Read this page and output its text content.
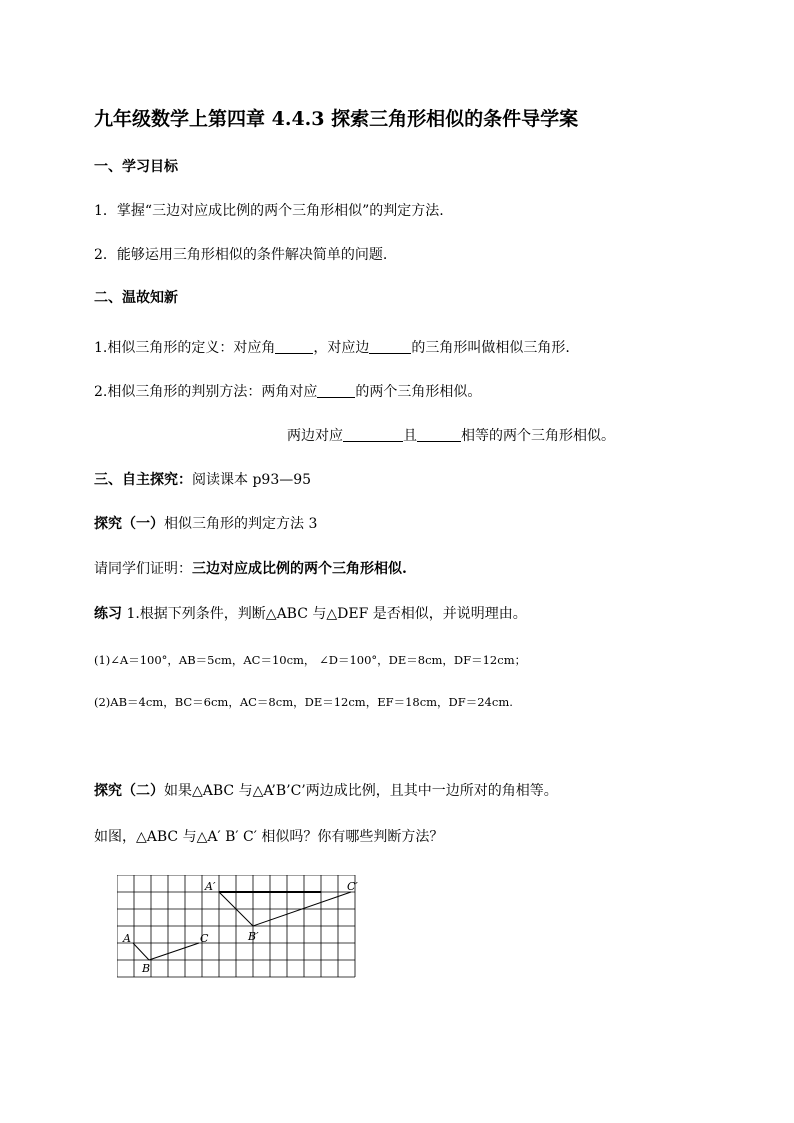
九年级数学上第四章 4.4.3 探索三角形相似的条件导学案
一、学习目标
1．掌握“三边对应成比例的两个三角形相似”的判定方法.
2．能够运用三角形相似的条件解决简单的问题.
二、温故知新
1.相似三角形的定义：对应角	，对应边	的三角形叫做相似三角形.
2.相似三角形的判别方法：两角对应	的两个三角形相似。
两边对应	且	相等的两个三角形相似。
三、自主探究：阅读课本 p93—95
探究（一）相似三角形的判定方法 3
请同学们证明：三边对应成比例的两个三角形相似.
练习 1.根据下列条件，判断△ABC 与△DEF 是否相似，并说明理由。
(1)∠A＝100°，AB＝5cm，AC＝10cm， ∠D＝100°，DE＝8cm，DF＝12cm；
(2)AB＝4cm，BC＝6cm，AC＝8cm，DE＝12cm，EF＝18cm，DF＝24cm.
探究（二）如果△ABC 与△A’B’C’两边成比例，且其中一边所对的角相等。
如图，△ABC 与△A′ B′ C′ 相似吗？你有哪些判断方法？
A
B
C
A′
B′
C′
